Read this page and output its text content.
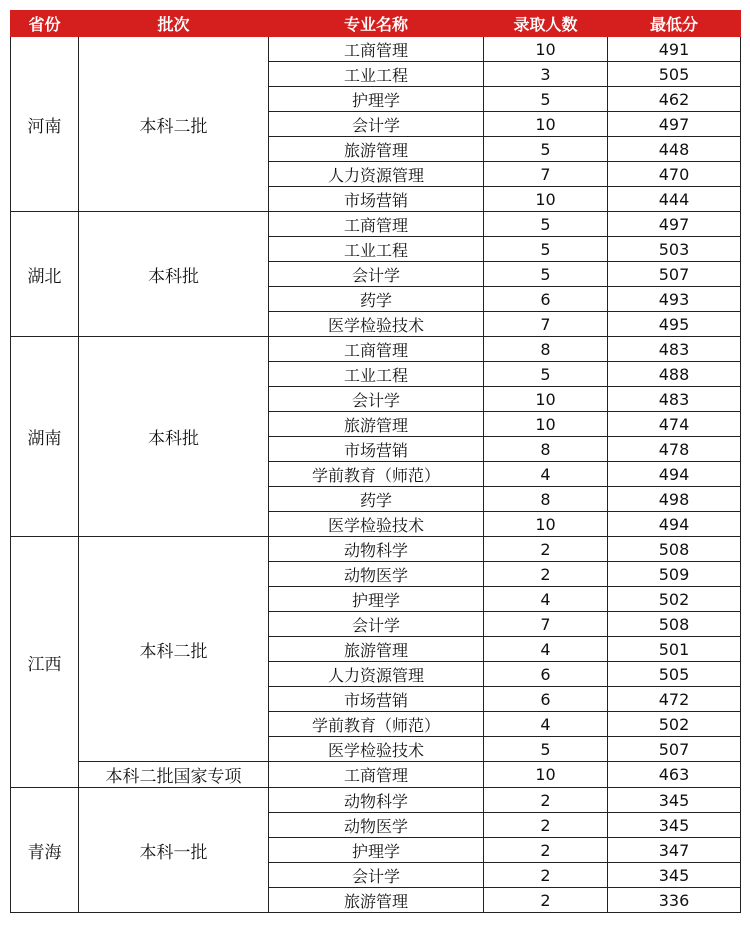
省份	批次	专业名称	录取人数	最低分
河南	本科二批	工商管理	10	491
		工业工程	3	505
		护理学	5	462
		会计学	10	497
		旅游管理	5	448
		人力资源管理	7	470
		市场营销	10	444
湖北	本科批	工商管理	5	497
		工业工程	5	503
		会计学	5	507
		药学	6	493
		医学检验技术	7	495
湖南	本科批	工商管理	8	483
		工业工程	5	488
		会计学	10	483
		旅游管理	10	474
		市场营销	8	478
		学前教育（师范）	4	494
		药学	8	498
		医学检验技术	10	494
江西	本科二批	动物科学	2	508
		动物医学	2	509
		护理学	4	502
		会计学	7	508
		旅游管理	4	501
		人力资源管理	6	505
		市场营销	6	472
		学前教育（师范）	4	502
		医学检验技术	5	507
	本科二批国家专项	工商管理	10	463
青海	本科一批	动物科学	2	345
		动物医学	2	345
		护理学	2	347
		会计学	2	345
		旅游管理	2	336
